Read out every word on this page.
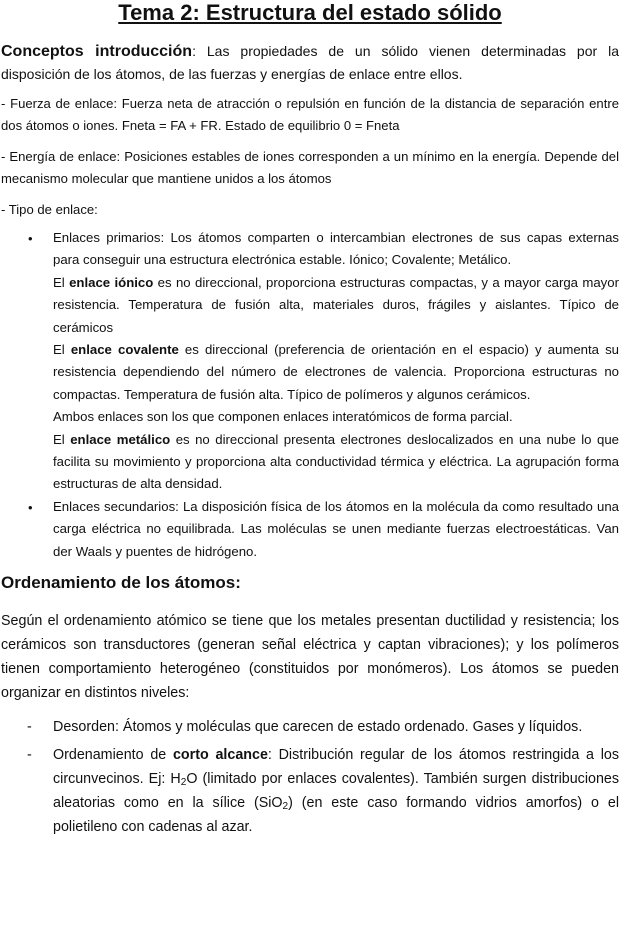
Tema 2: Estructura del estado sólido

Conceptos introducción: Las propiedades de un sólido vienen determinadas por la disposición de los átomos, de las fuerzas y energías de enlace entre ellos.

- Fuerza de enlace: Fuerza neta de atracción o repulsión en función de la distancia de separación entre dos átomos o iones. Fneta = FA + FR. Estado de equilibrio 0 = Fneta

- Energía de enlace: Posiciones estables de iones corresponden a un mínimo en la energía. Depende del mecanismo molecular que mantiene unidos a los átomos

- Tipo de enlace:

• Enlaces primarios: Los átomos comparten o intercambian electrones de sus capas externas para conseguir una estructura electrónica estable. Iónico; Covalente; Metálico.

El enlace iónico es no direccional, proporciona estructuras compactas, y a mayor carga mayor resistencia. Temperatura de fusión alta, materiales duros, frágiles y aislantes. Típico de cerámicos

El enlace covalente es direccional (preferencia de orientación en el espacio) y aumenta su resistencia dependiendo del número de electrones de valencia. Proporciona estructuras no compactas. Temperatura de fusión alta. Típico de polímeros y algunos cerámicos.

Ambos enlaces son los que componen enlaces interatómicos de forma parcial.

El enlace metálico es no direccional presenta electrones deslocalizados en una nube lo que facilita su movimiento y proporciona alta conductividad térmica y eléctrica. La agrupación forma estructuras de alta densidad.

• Enlaces secundarios: La disposición física de los átomos en la molécula da como resultado una carga eléctrica no equilibrada. Las moléculas se unen mediante fuerzas electroestáticas. Van der Waals y puentes de hidrógeno.

Ordenamiento de los átomos:

Según el ordenamiento atómico se tiene que los metales presentan ductilidad y resistencia; los cerámicos son transductores (generan señal eléctrica y captan vibraciones); y los polímeros tienen comportamiento heterogéneo (constituidos por monómeros). Los átomos se pueden organizar en distintos niveles:

- Desorden: Átomos y moléculas que carecen de estado ordenado. Gases y líquidos.
- Ordenamiento de corto alcance: Distribución regular de los átomos restringida a los circunvecinos. Ej: $H_2O$ (limitado por enlaces covalentes). También surgen distribuciones aleatorias como en la sílice (SiO$_2$) (en este caso formando vidrios amorfos) o el polietileno con cadenas al azar.
